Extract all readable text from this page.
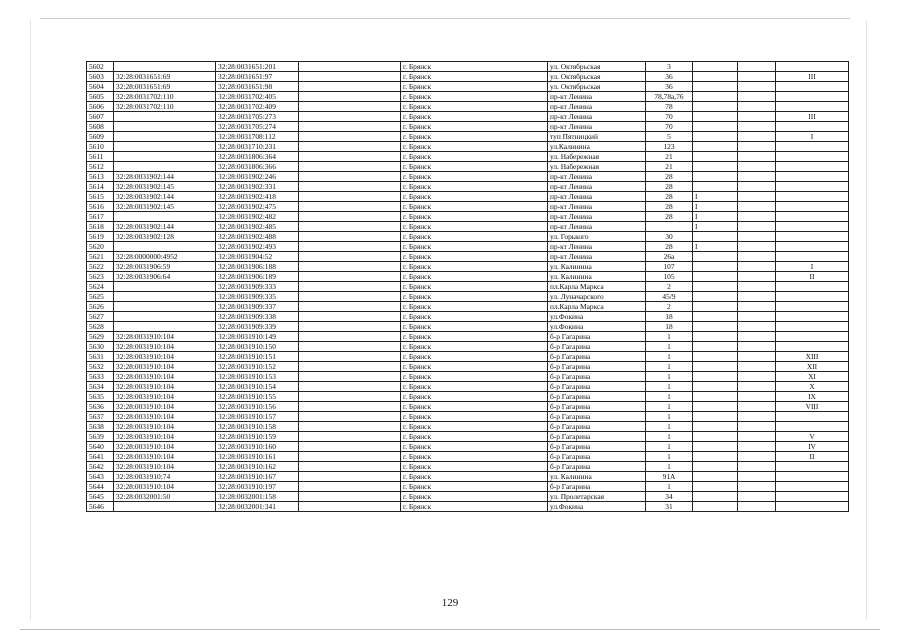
5602		32:28:0031651:201		г. Брянск	ул. Октябрьская	3			
5603	32:28:0031651:69	32:28:0031651:97		г. Брянск	ул. Октябрьская	36			III
5604	32:28:0031651:69	32:28:0031651:98		г. Брянск	ул. Октябрьская	36			
5605	32:28:0031702:110	32:28:0031702:405		г. Брянск	пр-кт Ленина	78,78а,76			
5606	32:28:0031702:110	32:28:0031702:409		г. Брянск	пр-кт Ленина	78			
5607		32:28:0031705:273		г. Брянск	пр-кт Ленина	70			III
5608		32:28:0031705:274		г. Брянск	пр-кт Ленина	70			
5609		32:28:0031708:112		г. Брянск	туп Пятницкий	5			I
5610		32:28:0031710:231		г. Брянск	ул.Калинина	123			
5611		32:28:0031806:364		г. Брянск	ул. Набережная	21			
5612		32:28:0031806:366		г. Брянск	ул. Набережная	21			
5613	32:28:0031902:144	32:28:0031902:246		г. Брянск	пр-кт Ленина	28			
5614	32:28:0031902:145	32:28:0031902:331		г. Брянск	пр-кт Ленина	28			
5615	32:28:0031902:144	32:28:0031902:418		г. Брянск	пр-кт Ленина	28	I		
5616	32:28:0031902:145	32:28:0031902:475		г. Брянск	пр-кт Ленина	28	I		
5617		32:28:0031902:482		г. Брянск	пр-кт Ленина	28	I		
5618	32:28:0031902:144	32:28:0031902:485		г. Брянск	пр-кт Ленина		I		
5619	32:28:0031902:128	32:28:0031902:488		г. Брянск	ул. Горького	30			
5620		32:28:0031902:493		г. Брянск	пр-кт Ленина	28	I		
5621	32:28:0000000:4952	32:28:0031904:52		г. Брянск	пр-кт Ленина	26а			
5622	32:28:0031906:59	32:28:0031906:188		г. Брянск	ул. Калинина	107			I
5623	32:28:0031906:64	32:28:0031906:189		г. Брянск	ул. Калинина	105			II
5624		32:28:0031909:333		г. Брянск	пл.Карла Маркса	2			
5625		32:28:0031909:335		г. Брянск	ул. Луначарского	45/9			
5626		32:28:0031909:337		г. Брянск	пл.Карла Маркса	2			
5627		32:28:0031909:338		г. Брянск	ул.Фокина	18			
5628		32:28:0031909:339		г. Брянск	ул.Фокина	18			
5629	32:28:0031910:104	32:28:0031910:149		г. Брянск	б-р Гагарина	1			
5630	32:28:0031910:104	32:28:0031910:150		г. Брянск	б-р Гагарина	1			
5631	32:28:0031910:104	32:28:0031910:151		г. Брянск	б-р Гагарина	1			XIII
5632	32:28:0031910:104	32:28:0031910:152		г. Брянск	б-р Гагарина	1			XII
5633	32:28:0031910:104	32:28:0031910:153		г. Брянск	б-р Гагарина	1			XI
5634	32:28:0031910:104	32:28:0031910:154		г. Брянск	б-р Гагарина	1			X
5635	32:28:0031910:104	32:28:0031910:155		г. Брянск	б-р Гагарина	1			IX
5636	32:28:0031910:104	32:28:0031910:156		г. Брянск	б-р Гагарина	1			VIII
5637	32:28:0031910:104	32:28:0031910:157		г. Брянск	б-р Гагарина	1			
5638	32:28:0031910:104	32:28:0031910:158		г. Брянск	б-р Гагарина	1			
5639	32:28:0031910:104	32:28:0031910:159		г. Брянск	б-р Гагарина	1			V
5640	32:28:0031910:104	32:28:0031910:160		г. Брянск	б-р Гагарина	1			IV
5641	32:28:0031910:104	32:28:0031910:161		г. Брянск	б-р Гагарина	1			II
5642	32:28:0031910:104	32:28:0031910:162		г. Брянск	б-р Гагарина	1			
5643	32:28:0031910:74	32:28:0031910:167		г. Брянск	ул. Калинина	91А			
5644	32:28:0031910:104	32:28:0031910:197		г. Брянск	б-р Гагарина	1			
5645	32:28:0032001:50	32:28:0032001:158		г. Брянск	ул. Пролетарская	34			
5646		32:28:0032001:341		г. Брянск	ул.Фокина	31			
129
